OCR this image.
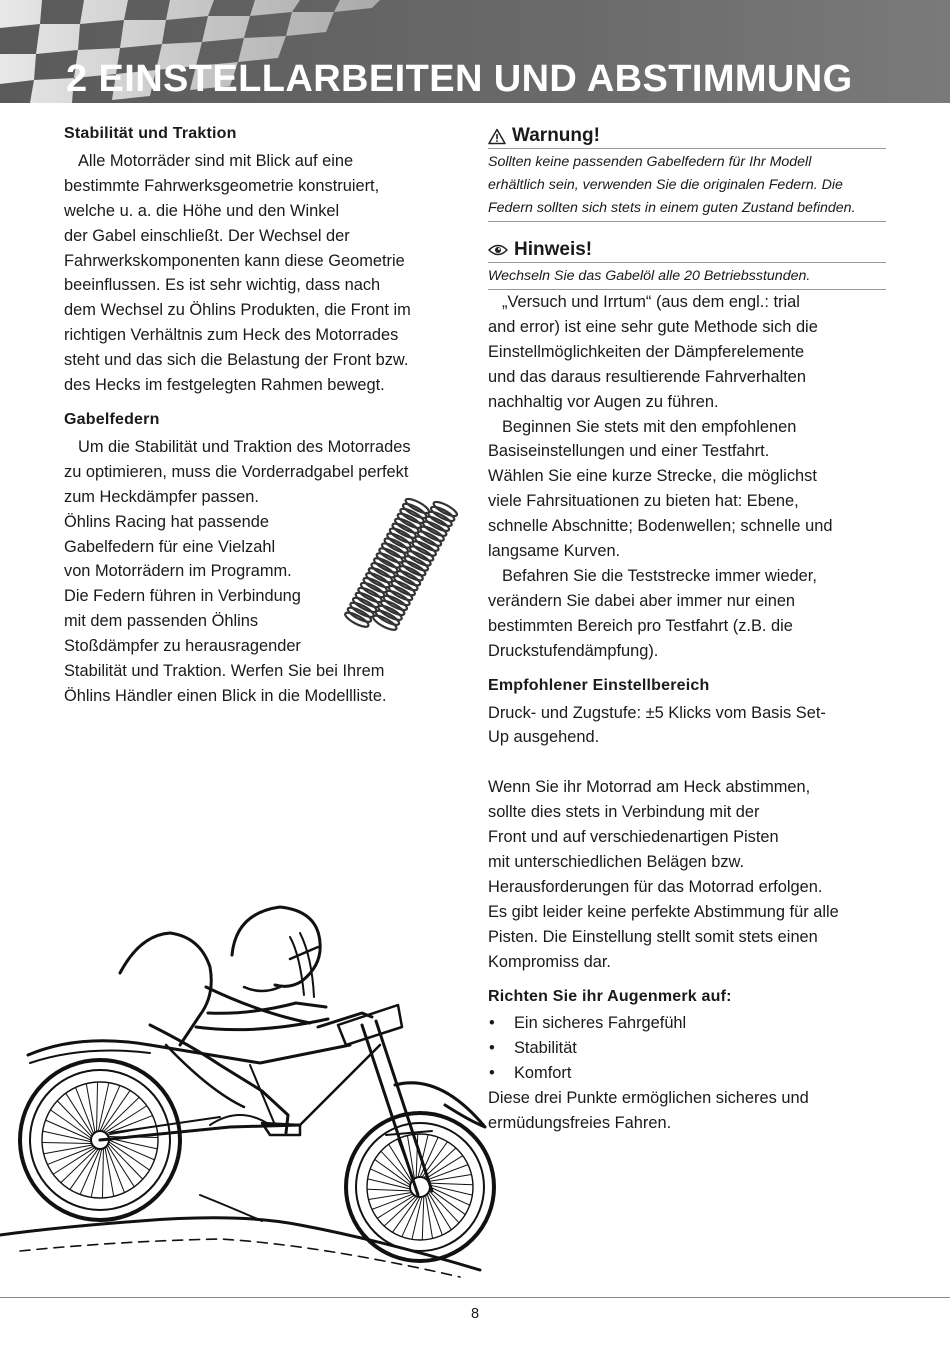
2 EINSTELLARBEITEN UND ABSTIMMUNG

Stabilität und Traktion

Alle Motorräder sind mit Blick auf eine

bestimmte Fahrwerksgeometrie konstruiert,

welche u. a. die Höhe und den Winkel

der Gabel einschließt. Der Wechsel der

Fahrwerkskomponenten kann diese Geometrie

beeinflussen. Es ist sehr wichtig, dass nach

dem Wechsel zu Öhlins Produkten, die Front im

richtigen Verhältnis zum Heck des Motorrades

steht und das sich die Belastung der Front bzw.

des Hecks im festgelegten Rahmen bewegt.

Gabelfedern

Um die Stabilität und Traktion des Motorrades

zu optimieren, muss die Vorderradgabel perfekt

zum Heckdämpfer passen.

Öhlins Racing hat passende

Gabelfedern für eine Vielzahl

von Motorrädern im Programm.

Die Federn führen in Verbindung

mit dem passenden Öhlins

Stoßdämpfer zu herausragender

Stabilität und Traktion. Werfen Sie bei Ihrem

Öhlins Händler einen Blick in die Modellliste.

Warnung!

Sollten keine passenden Gabelfedern für Ihr Modell

erhältlich sein, verwenden Sie die originalen Federn. Die

Federn sollten sich stets in einem guten Zustand befinden.

Hinweis!

Wechseln Sie das Gabelöl alle 20 Betriebsstunden.

„Versuch und Irrtum“ (aus dem engl.: trial

and error) ist eine sehr gute Methode sich die

Einstellmöglichkeiten der Dämpferelemente

und das daraus resultierende Fahrverhalten

nachhaltig vor Augen zu führen.

Beginnen Sie stets mit den empfohlenen

Basiseinstellungen und einer Testfahrt.

Wählen Sie eine kurze Strecke, die möglichst

viele Fahrsituationen zu bieten hat: Ebene,

schnelle Abschnitte; Bodenwellen; schnelle und

langsame Kurven.

Befahren Sie die Teststrecke immer wieder,

verändern Sie dabei aber immer nur einen

bestimmten Bereich pro Testfahrt (z.B. die

Druckstufendämpfung).

Empfohlener Einstellbereich

Druck- und Zugstufe: ±5 Klicks vom Basis Set-

Up ausgehend.

Wenn Sie ihr Motorrad am Heck abstimmen,

sollte dies stets in Verbindung mit der

Front und auf verschiedenartigen Pisten

mit unterschiedlichen Belägen bzw.

Herausforderungen für das Motorrad erfolgen.

Es gibt leider keine perfekte Abstimmung für alle

Pisten. Die Einstellung stellt somit stets einen

Kompromiss dar.

Richten Sie ihr Augenmerk auf:

• Ein sicheres Fahrgefühl
• Stabilität
• Komfort

Diese drei Punkte ermöglichen sicheres und

ermüdungsfreies Fahren.

8
